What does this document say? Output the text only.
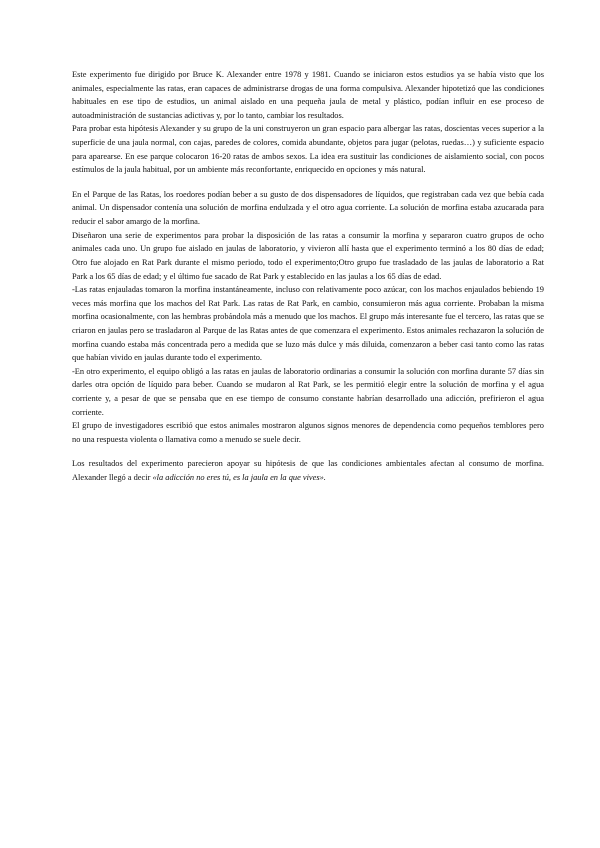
Este experimento fue dirigido por Bruce K. Alexander entre 1978 y 1981. Cuando se iniciaron estos estudios ya se había visto que los animales, especialmente las ratas, eran capaces de administrarse drogas de una forma compulsiva. Alexander hipotetizó que las condiciones habituales en ese tipo de estudios, un animal aislado en una pequeña jaula de metal y plástico, podían influir en ese proceso de autoadministración de sustancias adictivas y, por lo tanto, cambiar los resultados.

Para probar esta hipótesis Alexander y su grupo de la uni construyeron un gran espacio para albergar las ratas, doscientas veces superior a la superficie de una jaula normal, con cajas, paredes de colores, comida abundante, objetos para jugar (pelotas, ruedas…) y suficiente espacio para aparearse. En ese parque colocaron 16-20 ratas de ambos sexos. La idea era sustituir las condiciones de aislamiento social, con pocos estímulos de la jaula habitual, por un ambiente más reconfortante, enriquecido en opciones y más natural.

En el Parque de las Ratas, los roedores podían beber a su gusto de dos dispensadores de líquidos, que registraban cada vez que bebía cada animal. Un dispensador contenía una solución de morfina endulzada y el otro agua corriente. La solución de morfina estaba azucarada para reducir el sabor amargo de la morfina.

Diseñaron una serie de experimentos para probar la disposición de las ratas a consumir la morfina y separaron cuatro grupos de ocho animales cada uno. Un grupo fue aislado en jaulas de laboratorio, y vivieron allí hasta que el experimento terminó a los 80 días de edad; Otro fue alojado en Rat Park durante el mismo periodo, todo el experimento;Otro grupo fue trasladado de las jaulas de laboratorio a Rat Park a los 65 días de edad; y el último fue sacado de Rat Park y establecido en las jaulas a los 65 días de edad.

-Las ratas enjauladas tomaron la morfina instantáneamente, incluso con relativamente poco azúcar, con los machos enjaulados bebiendo 19 veces más morfina que los machos del Rat Park. Las ratas de Rat Park, en cambio, consumieron más agua corriente. Probaban la misma morfina ocasionalmente, con las hembras probándola más a menudo que los machos. El grupo más interesante fue el tercero, las ratas que se criaron en jaulas pero se trasladaron al Parque de las Ratas antes de que comenzara el experimento. Estos animales rechazaron la solución de morfina cuando estaba más concentrada pero a medida que se luzo más dulce y más diluida, comenzaron a beber casi tanto como las ratas que habían vivido en jaulas durante todo el experimento.

-En otro experimento, el equipo obligó a las ratas en jaulas de laboratorio ordinarias a consumir la solución con morfina durante 57 días sin darles otra opción de líquido para beber. Cuando se mudaron al Rat Park, se les permitió elegir entre la solución de morfina y el agua corriente y, a pesar de que se pensaba que en ese tiempo de consumo constante habrían desarrollado una adicción, prefirieron el agua corriente.

El grupo de investigadores escribió que estos animales mostraron algunos signos menores de dependencia como pequeños temblores pero no una respuesta violenta o llamativa como a menudo se suele decir.

Los resultados del experimento parecieron apoyar su hipótesis de que las condiciones ambientales afectan al consumo de morfina. Alexander llegó a decir «la adicción no eres tú, es la jaula en la que vives».
